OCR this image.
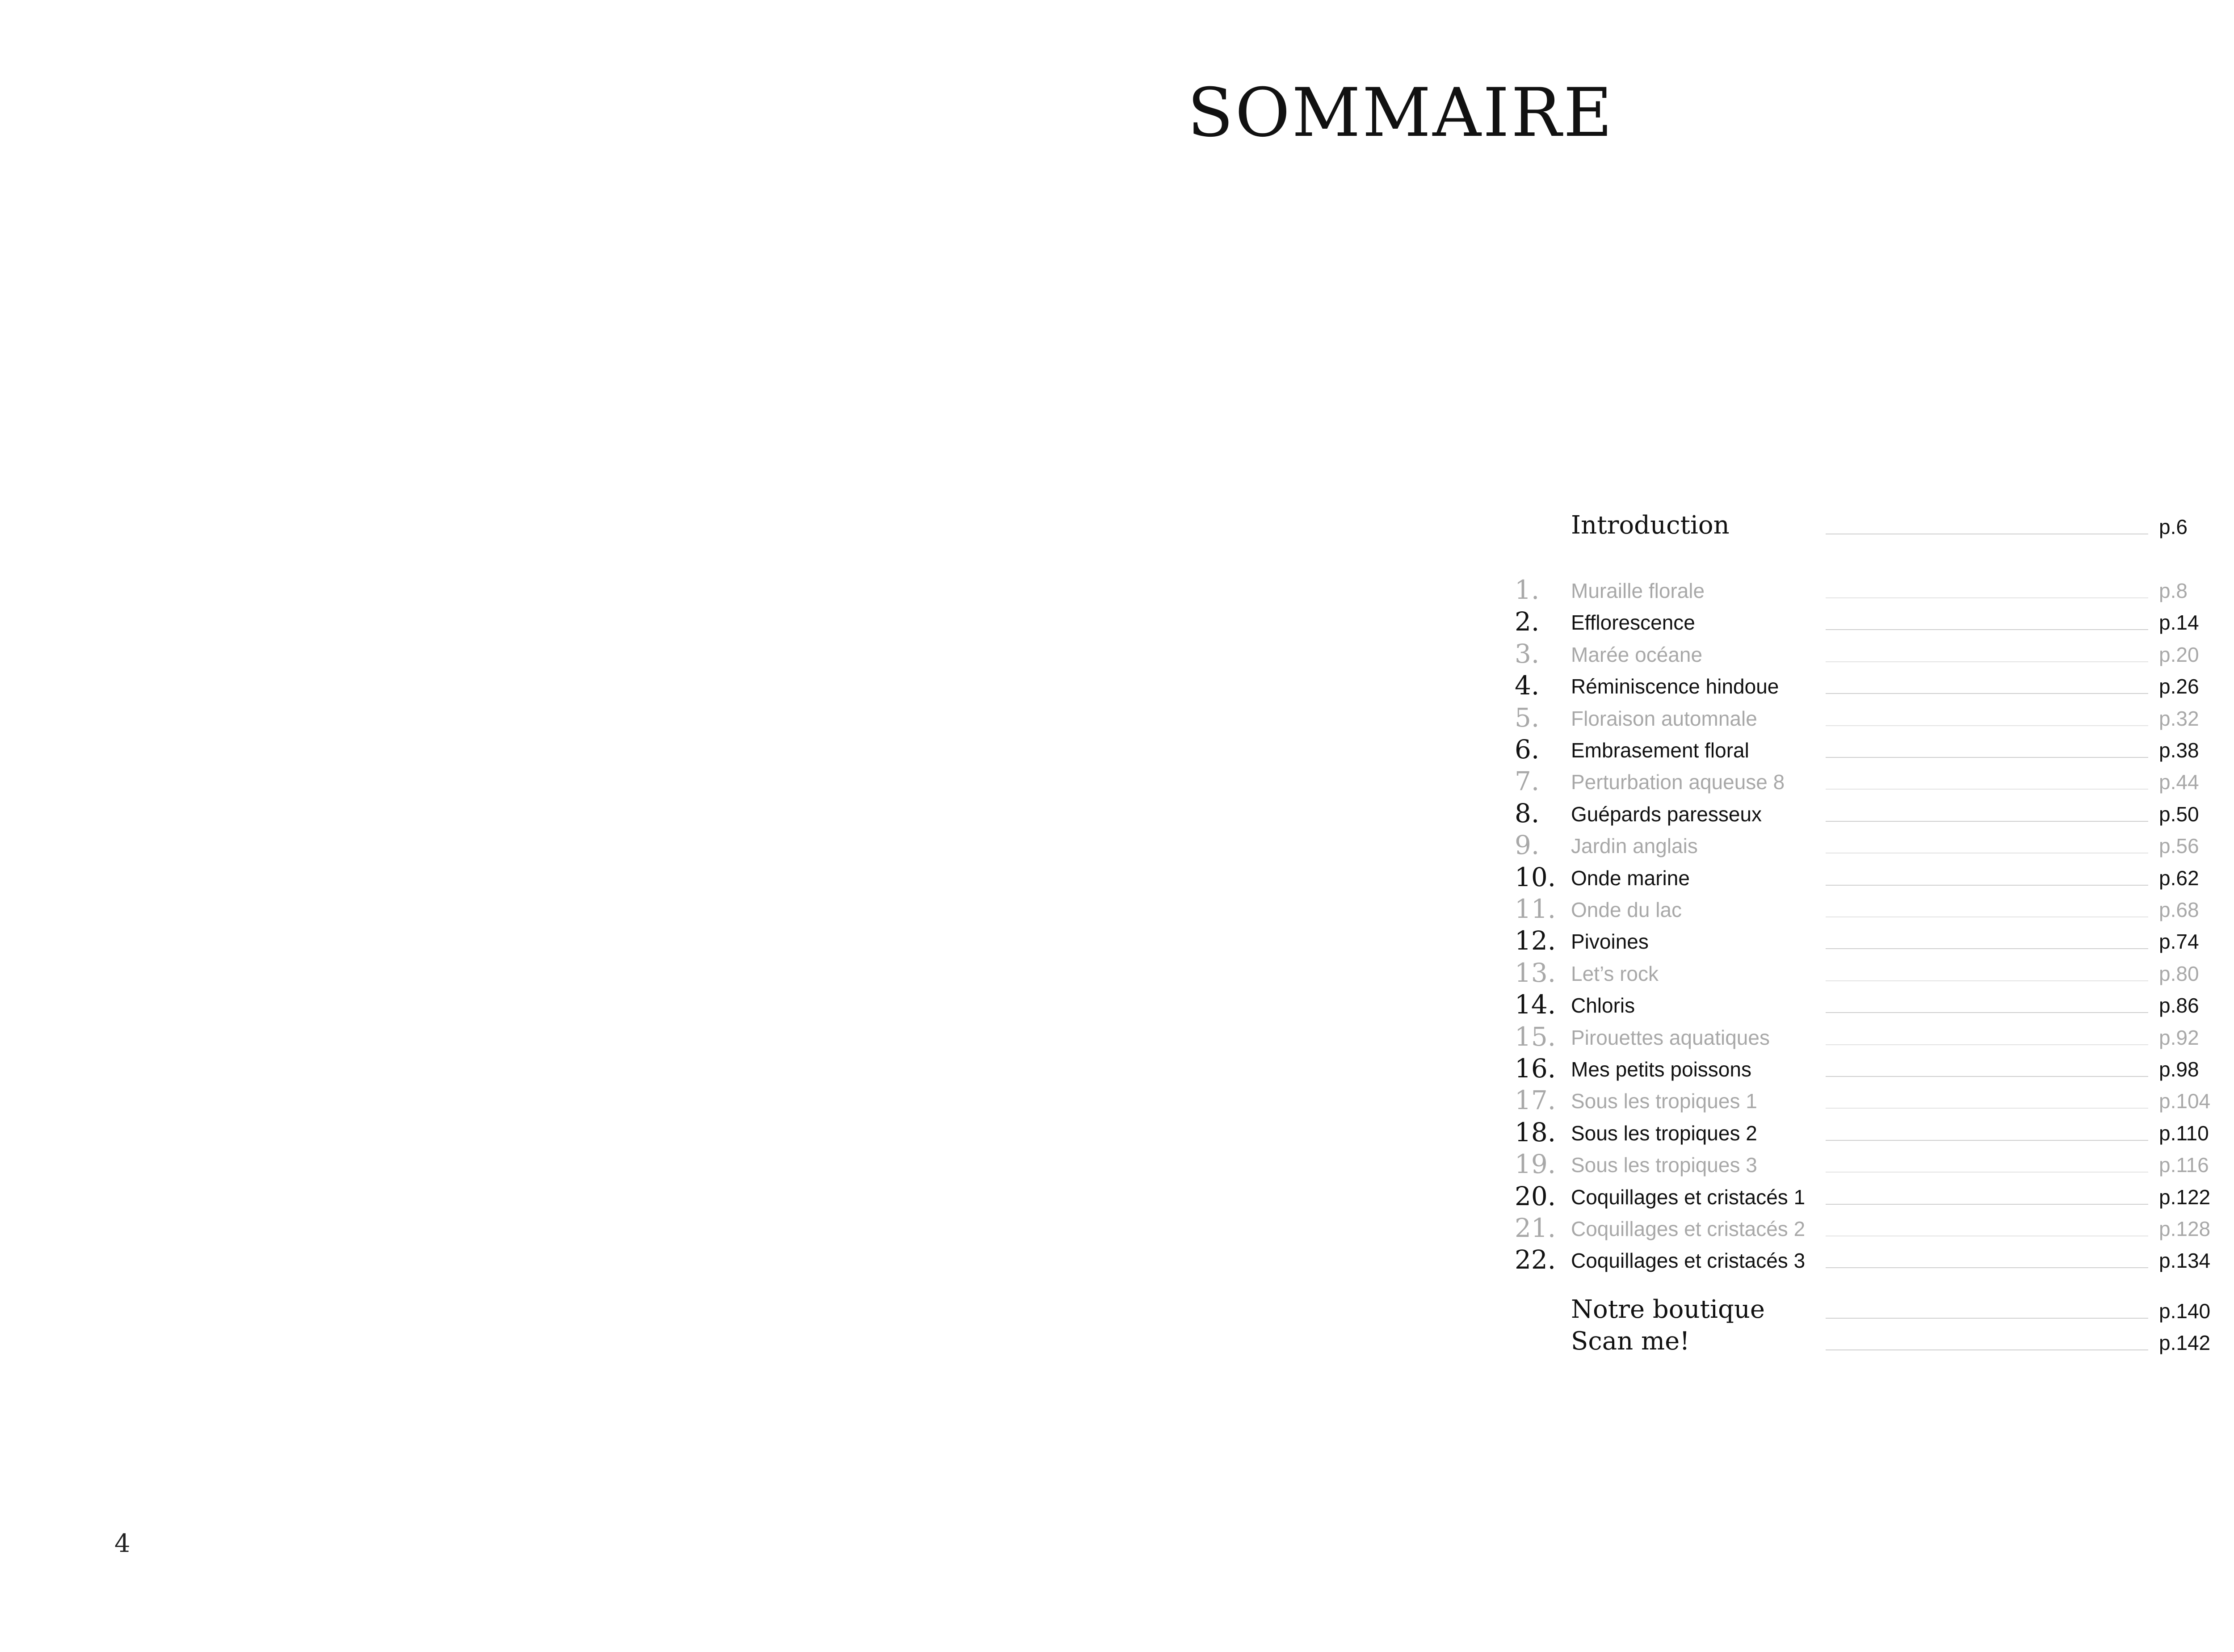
SOMMAIRE
Introduction	p.6
1. Muraille florale	p.8
2. Efflorescence	p.14
3. Marée océane	p.20
4. Réminiscence hindoue	p.26
5. Floraison automnale	p.32
6. Embrasement floral	p.38
7. Perturbation aqueuse 8	p.44
8. Guépards paresseux	p.50
9. Jardin anglais	p.56
10. Onde marine	p.62
11. Onde du lac	p.68
12. Pivoines	p.74
13. Let’s rock	p.80
14. Chloris	p.86
15. Pirouettes aquatiques	p.92
16. Mes petits poissons	p.98
17. Sous les tropiques 1	p.104
18. Sous les tropiques 2	p.110
19. Sous les tropiques 3	p.116
20. Coquillages et cristacés 1	p.122
21. Coquillages et cristacés 2	p.128
22. Coquillages et cristacés 3	p.134
Notre boutique	p.140
Scan me!	p.142
4
